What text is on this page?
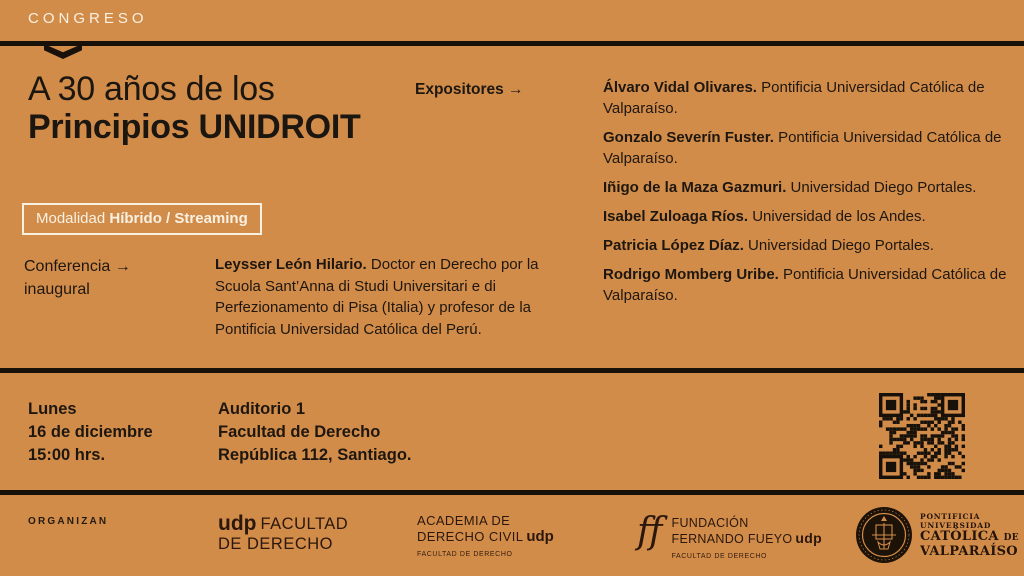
CONGRESO
A 30 años de los
Principios UNIDROIT
Expositores →	Álvaro Vidal Olivares. Pontificia Universidad Católica de Valparaíso.
Gonzalo Severín Fuster. Pontificia Universidad Católica de Valparaíso.
Iñigo de la Maza Gazmuri. Universidad Diego Portales.
Isabel Zuloaga Ríos. Universidad de los Andes.
Patricia López Díaz. Universidad Diego Portales.
Rodrigo Momberg Uribe. Pontificia Universidad Católica de Valparaíso.
Modalidad Híbrido / Streaming
Conferencia →
inaugural

Leysser León Hilario. Doctor en Derecho por la Scuola Sant’Anna di Studi Universitari e di Perfezionamento di Pisa (Italia) y profesor de la Pontificia Universidad Católica del Perú.

Lunes
16 de diciembre
15:00 hrs.
Auditorio 1
Facultad de Derecho
República 112, Santiago.
ORGANIZAN	udp FACULTAD
DE DERECHO
ACADEMIA DE
DERECHO CIVIL udp
FACULTAD DE DERECHO
ff FUNDACIÓN
FERNANDO FUEYO udp
FACULTAD DE DERECHO
PONTIFICIA
UNIVERSIDAD
CATÓLICA DE
VALPARAÍSO
